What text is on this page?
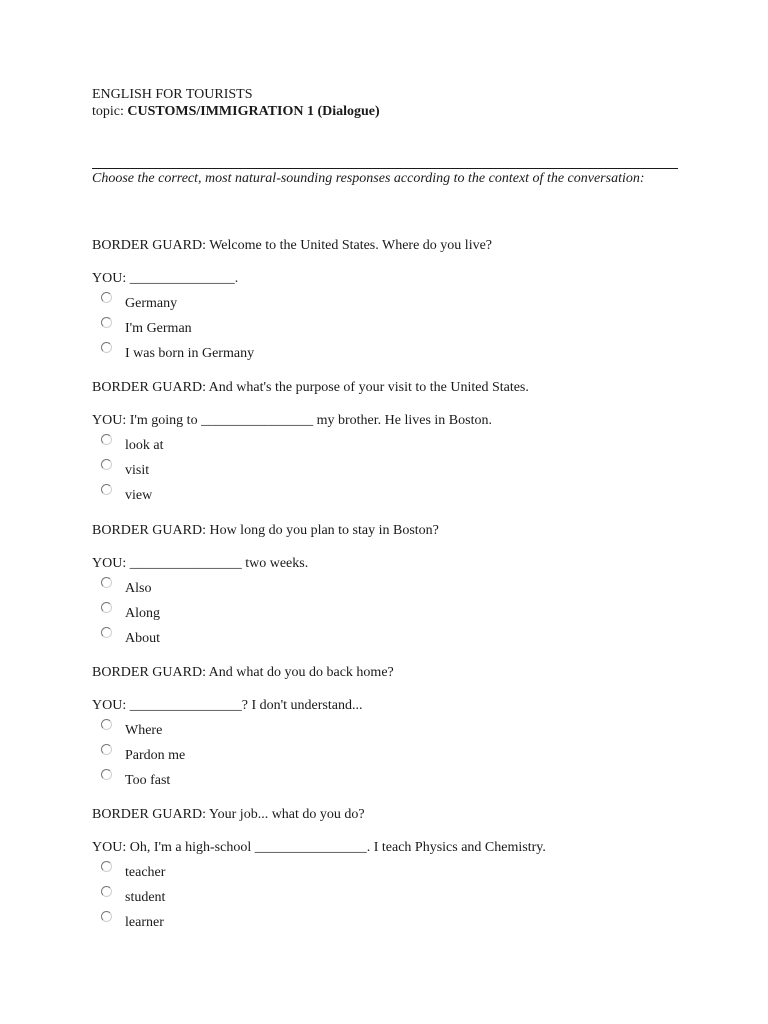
ENGLISH FOR TOURISTS
topic: CUSTOMS/IMMIGRATION 1 (Dialogue)
Choose the correct, most natural-sounding responses according to the context of the conversation:
BORDER GUARD: Welcome to the United States. Where do you live?
YOU: _______________.
Germany
I'm German
I was born in Germany
BORDER GUARD: And what's the purpose of your visit to the United States.
YOU: I'm going to ________________ my brother. He lives in Boston.
look at
visit
view
BORDER GUARD: How long do you plan to stay in Boston?
YOU: ________________ two weeks.
Also
Along
About
BORDER GUARD: And what do you do back home?
YOU: ________________? I don't understand...
Where
Pardon me
Too fast
BORDER GUARD: Your job... what do you do?
YOU: Oh, I'm a high-school ________________. I teach Physics and Chemistry.
teacher
student
learner
